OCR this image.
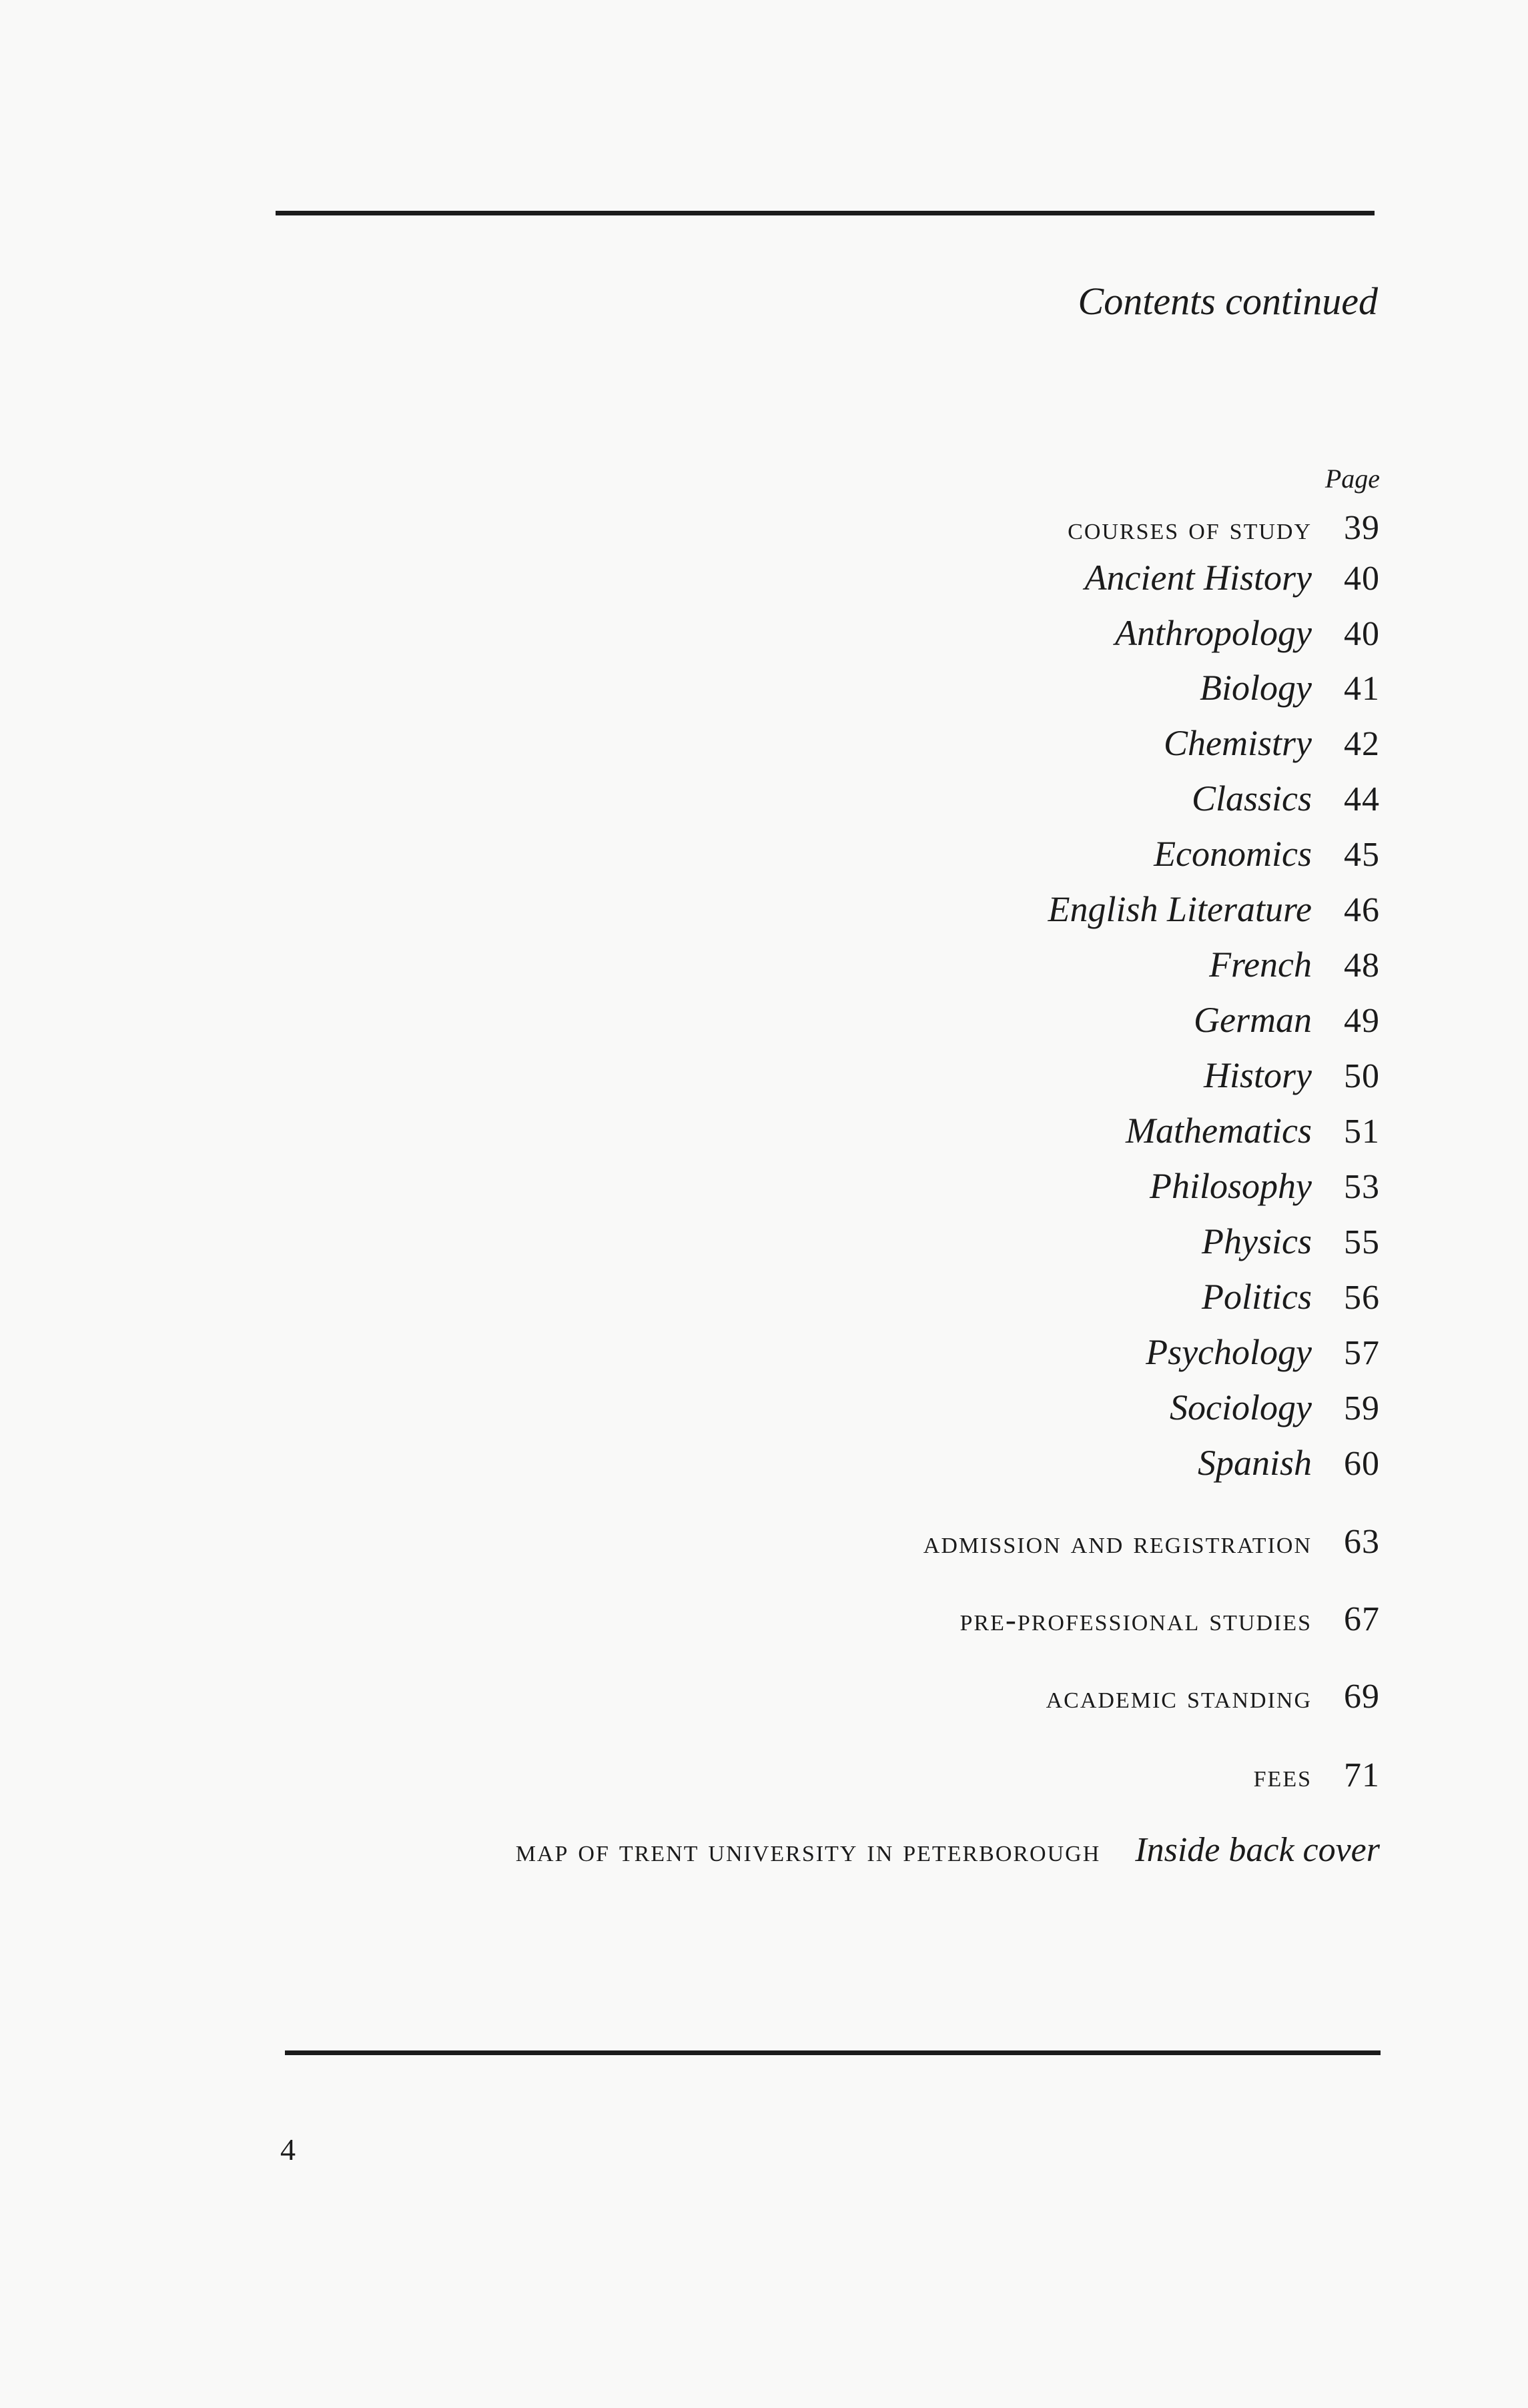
Contents continued
Page
courses of study 39
Ancient History 40
Anthropology 40
Biology 41
Chemistry 42
Classics 44
Economics 45
English Literature 46
French 48
German 49
History 50
Mathematics 51
Philosophy 53
Physics 55
Politics 56
Psychology 57
Sociology 59
Spanish 60
admission and registration 63
pre-professional studies 67
academic standing 69
fees 71
map of trent university in peterborough	Inside back cover
4
